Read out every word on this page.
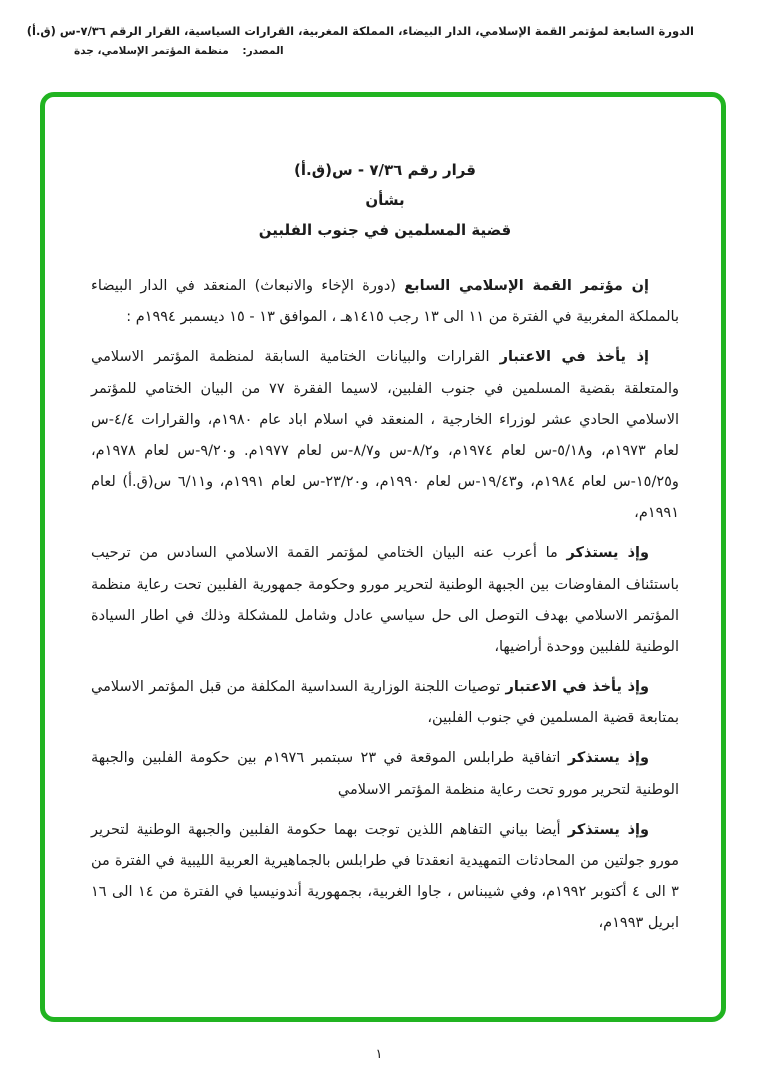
الدورة السابعة لمؤتمر القمة الإسلامي، الدار البيضاء، المملكة المغربية، القرارات السياسية، القرار الرقم ٧/٣٦-س (ق.أ)
المصدر: منظمة المؤتمر الإسلامي، جدة
قرار رقم ٧/٣٦ - س(ق.أ)
بشأن
قضية المسلمين في جنوب الفلبين

إن مؤتمر القمة الإسلامي السابع (دورة الإخاء والانبعاث) المنعقد في الدار البيضاء بالمملكة المغربية في الفترة من ١١ الى ١٣ رجب ١٤١٥هـ ، الموافق ١٣ - ١٥ ديسمبر ١٩٩٤م :

إذ يأخذ في الاعتبار القرارات والبيانات الختامية السابقة لمنظمة المؤتمر الاسلامي والمتعلقة بقضية المسلمين في جنوب الفلبين، لاسيما الفقرة ٧٧ من البيان الختامي للمؤتمر الاسلامي الحادي عشر لوزراء الخارجية ، المنعقد في اسلام اباد عام ١٩٨٠م، والقرارات ٤/٤-س لعام ١٩٧٣م، و٥/١٨-س لعام ١٩٧٤م، و٨/٢-س و٨/٧-س لعام ١٩٧٧م. و٩/٢٠-س لعام ١٩٧٨م، و١٥/٢٥-س لعام ١٩٨٤م، و١٩/٤٣-س لعام ١٩٩٠م، و٢٣/٢٠-س لعام ١٩٩١م، و٦/١١ س(ق.أ) لعام ١٩٩١م،

وإذ يستذكر ما أعرب عنه البيان الختامي لمؤتمر القمة الاسلامي السادس من ترحيب باستئناف المفاوضات بين الجبهة الوطنية لتحرير مورو وحكومة جمهورية الفلبين تحت رعاية منظمة المؤتمر الاسلامي بهدف التوصل الى حل سياسي عادل وشامل للمشكلة وذلك في اطار السيادة الوطنية للفلبين ووحدة أراضيها،

وإذ يأخذ في الاعتبار توصيات اللجنة الوزارية السداسية المكلفة من قبل المؤتمر الاسلامي بمتابعة قضية المسلمين في جنوب الفلبين،

وإذ يستذكر اتفاقية طرابلس الموقعة في ٢٣ سبتمبر ١٩٧٦م بين حكومة الفلبين والجبهة الوطنية لتحرير مورو تحت رعاية منظمة المؤتمر الاسلامي

وإذ يستذكر أيضا بياني التفاهم اللذين توجت بهما حكومة الفلبين والجبهة الوطنية لتحرير مورو جولتين من المحادثات التمهيدية انعقدتا في طرابلس بالجماهيرية العربية الليبية في الفترة من ٣ الى ٤ أكتوبر ١٩٩٢م، وفي شيبناس ، جاوا الغربية، بجمهورية أندونيسيا في الفترة من ١٤ الى ١٦ ابريل ١٩٩٣م،

١
